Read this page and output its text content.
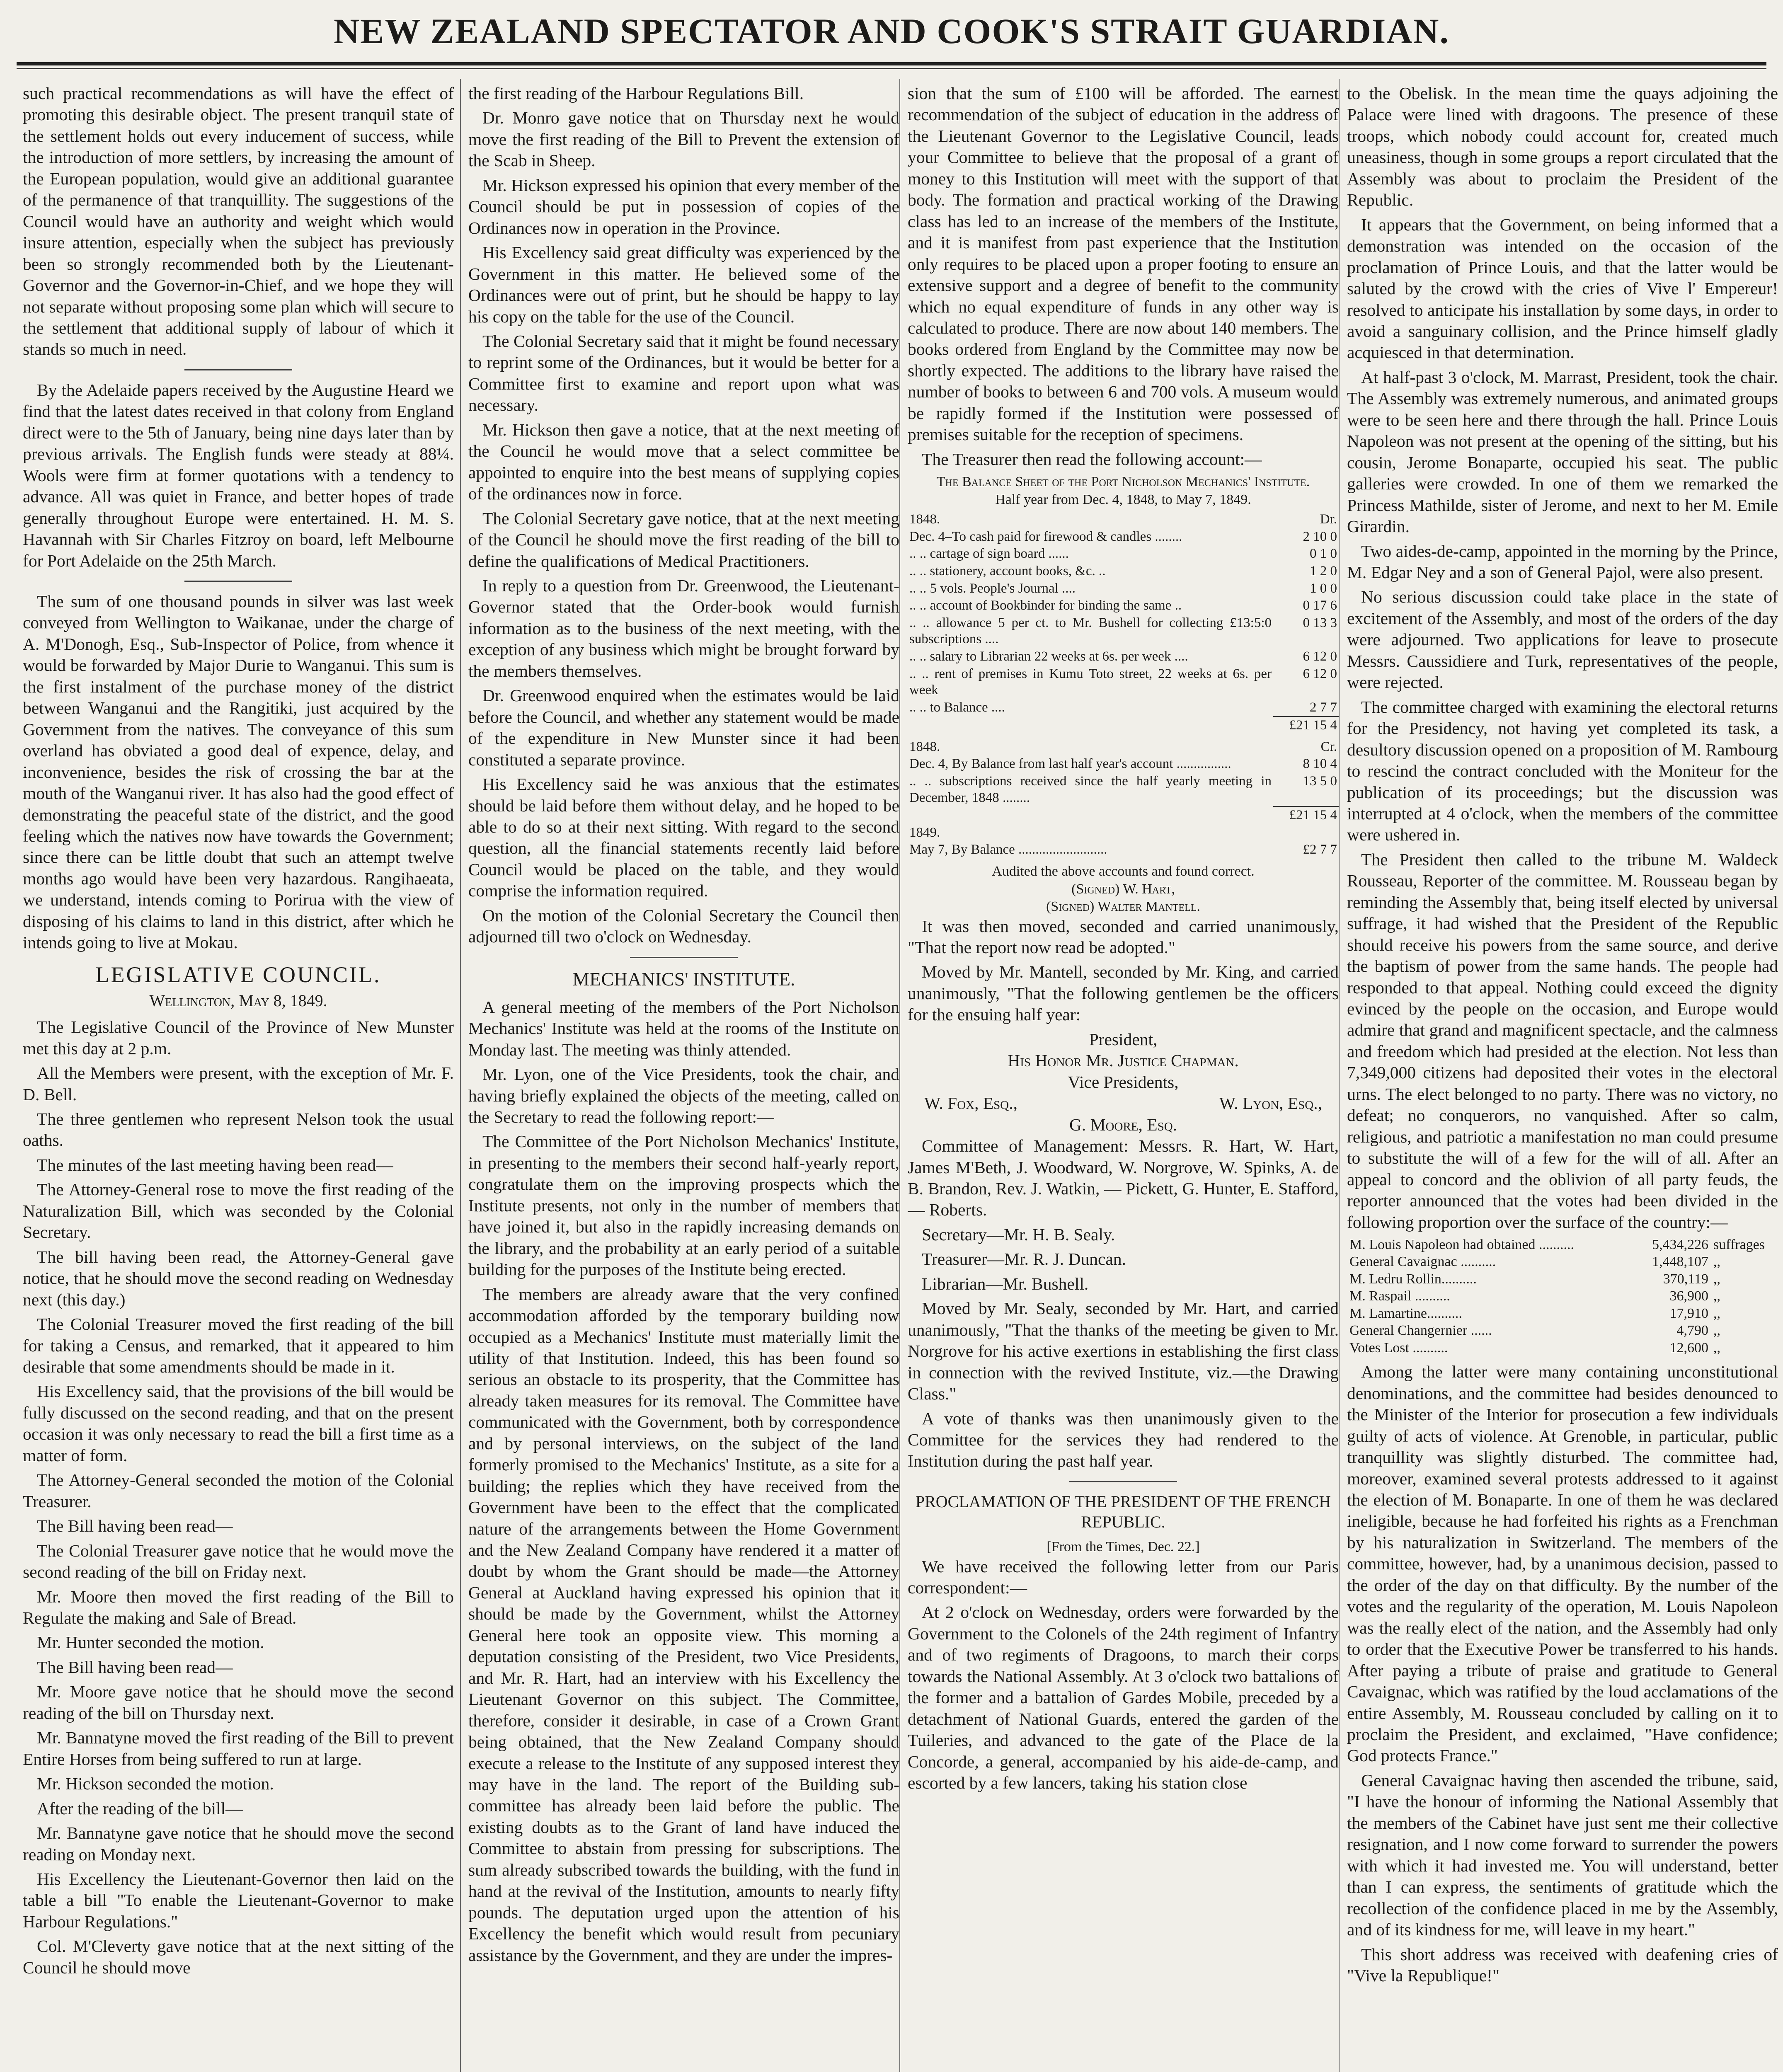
NEW ZEALAND SPECTATOR AND COOK'S STRAIT GUARDIAN.

such practical recommendations as will have the effect of promoting this desirable object. The present tranquil state of the settlement holds out every inducement of success, while the introduction of more settlers, by increasing the amount of the European population, would give an additional guarantee of the permanence of that tranquillity. The suggestions of the Council would have an authority and weight which would insure attention, especially when the subject has previously been so strongly recommended both by the Lieutenant-Governor and the Governor-in-Chief, and we hope they will not separate without proposing some plan which will secure to the settlement that additional supply of labour of which it stands so much in need.

By the Adelaide papers received by the Augustine Heard we find that the latest dates received in that colony from England direct were to the 5th of January, being nine days later than by previous arrivals. The English funds were steady at 88¼. Wools were firm at former quotations with a tendency to advance. All was quiet in France, and better hopes of trade generally throughout Europe were entertained. H. M. S. Havannah with Sir Charles Fitzroy on board, left Melbourne for Port Adelaide on the 25th March.

The sum of one thousand pounds in silver was last week conveyed from Wellington to Waikanae, under the charge of A. M'Donogh, Esq., Sub-Inspector of Police, from whence it would be forwarded by Major Durie to Wanganui. This sum is the first instalment of the purchase money of the district between Wanganui and the Rangitiki, just acquired by the Government from the natives. The conveyance of this sum overland has obviated a good deal of expence, delay, and inconvenience, besides the risk of crossing the bar at the mouth of the Wanganui river. It has also had the good effect of demonstrating the peaceful state of the district, and the good feeling which the natives now have towards the Government; since there can be little doubt that such an attempt twelve months ago would have been very hazardous. Rangihaeata, we understand, intends coming to Porirua with the view of disposing of his claims to land in this district, after which he intends going to live at Mokau.

LEGISLATIVE COUNCIL.
Wellington, May 8, 1849.

The Legislative Council of the Province of New Munster met this day at 2 p.m.

All the Members were present, with the exception of Mr. F. D. Bell.

The three gentlemen who represent Nelson took the usual oaths.

The minutes of the last meeting having been read—

The Attorney-General rose to move the first reading of the Naturalization Bill, which was seconded by the Colonial Secretary.

The bill having been read, the Attorney-General gave notice, that he should move the second reading on Wednesday next (this day.)

The Colonial Treasurer moved the first reading of the bill for taking a Census, and remarked, that it appeared to him desirable that some amendments should be made in it.

His Excellency said, that the provisions of the bill would be fully discussed on the second reading, and that on the present occasion it was only necessary to read the bill a first time as a matter of form.

The Attorney-General seconded the motion of the Colonial Treasurer.

The Bill having been read—

The Colonial Treasurer gave notice that he would move the second reading of the bill on Friday next.

Mr. Moore then moved the first reading of the Bill to Regulate the making and Sale of Bread.

Mr. Hunter seconded the motion.

The Bill having been read—

Mr. Moore gave notice that he should move the second reading of the bill on Thursday next.

Mr. Bannatyne moved the first reading of the Bill to prevent Entire Horses from being suffered to run at large.

Mr. Hickson seconded the motion.

After the reading of the bill—

Mr. Bannatyne gave notice that he should move the second reading on Monday next.

His Excellency the Lieutenant-Governor then laid on the table a bill "To enable the Lieutenant-Governor to make Harbour Regulations."

Col. M'Cleverty gave notice that at the next sitting of the Council he should move

the first reading of the Harbour Regulations Bill.

Dr. Monro gave notice that on Thursday next he would move the first reading of the Bill to Prevent the extension of the Scab in Sheep.

Mr. Hickson expressed his opinion that every member of the Council should be put in possession of copies of the Ordinances now in operation in the Province.

His Excellency said great difficulty was experienced by the Government in this matter. He believed some of the Ordinances were out of print, but he should be happy to lay his copy on the table for the use of the Council.

The Colonial Secretary said that it might be found necessary to reprint some of the Ordinances, but it would be better for a Committee first to examine and report upon what was necessary.

Mr. Hickson then gave a notice, that at the next meeting of the Council he would move that a select committee be appointed to enquire into the best means of supplying copies of the ordinances now in force.

The Colonial Secretary gave notice, that at the next meeting of the Council he should move the first reading of the bill to define the qualifications of Medical Practitioners.

In reply to a question from Dr. Greenwood, the Lieutenant-Governor stated that the Order-book would furnish information as to the business of the next meeting, with the exception of any business which might be brought forward by the members themselves.

Dr. Greenwood enquired when the estimates would be laid before the Council, and whether any statement would be made of the expenditure in New Munster since it had been constituted a separate province.

His Excellency said he was anxious that the estimates should be laid before them without delay, and he hoped to be able to do so at their next sitting. With regard to the second question, all the financial statements recently laid before Council would be placed on the table, and they would comprise the information required.

On the motion of the Colonial Secretary the Council then adjourned till two o'clock on Wednesday.

MECHANICS' INSTITUTE.

A general meeting of the members of the Port Nicholson Mechanics' Institute was held at the rooms of the Institute on Monday last. The meeting was thinly attended.

Mr. Lyon, one of the Vice Presidents, took the chair, and having briefly explained the objects of the meeting, called on the Secretary to read the following report:—

The Committee of the Port Nicholson Mechanics' Institute, in presenting to the members their second half-yearly report, congratulate them on the improving prospects which the Institute presents, not only in the number of members that have joined it, but also in the rapidly increasing demands on the library, and the probability at an early period of a suitable building for the purposes of the Institute being erected.

The members are already aware that the very confined accommodation afforded by the temporary building now occupied as a Mechanics' Institute must materially limit the utility of that Institution. Indeed, this has been found so serious an obstacle to its prosperity, that the Committee has already taken measures for its removal. The Committee have communicated with the Government, both by correspondence and by personal interviews, on the subject of the land formerly promised to the Mechanics' Institute, as a site for a building; the replies which they have received from the Government have been to the effect that the complicated nature of the arrangements between the Home Government and the New Zealand Company have rendered it a matter of doubt by whom the Grant should be made—the Attorney General at Auckland having expressed his opinion that it should be made by the Government, whilst the Attorney General here took an opposite view. This morning a deputation consisting of the President, two Vice Presidents, and Mr. R. Hart, had an interview with his Excellency the Lieutenant Governor on this subject. The Committee, therefore, consider it desirable, in case of a Crown Grant being obtained, that the New Zealand Company should execute a release to the Institute of any supposed interest they may have in the land. The report of the Building sub-committee has already been laid before the public. The existing doubts as to the Grant of land have induced the Committee to abstain from pressing for subscriptions. The sum already subscribed towards the building, with the fund in hand at the revival of the Institution, amounts to nearly fifty pounds. The deputation urged upon the attention of his Excellency the benefit which would result from pecuniary assistance by the Government, and they are under the impres-

sion that the sum of £100 will be afforded. The earnest recommendation of the subject of education in the address of the Lieutenant Governor to the Legislative Council, leads your Committee to believe that the proposal of a grant of money to this Institution will meet with the support of that body. The formation and practical working of the Drawing class has led to an increase of the members of the Institute, and it is manifest from past experience that the Institution only requires to be placed upon a proper footing to ensure an extensive support and a degree of benefit to the community which no equal expenditure of funds in any other way is calculated to produce. There are now about 140 members. The books ordered from England by the Committee may now be shortly expected. The additions to the library have raised the number of books to between 6 and 700 vols. A museum would be rapidly formed if the Institution were possessed of premises suitable for the reception of specimens.

The Treasurer then read the following account:—

The Balance Sheet of the Port Nicholson Mechanics' Institute.
Half year from Dec. 4, 1848, to May 7, 1849.
1848.	Dr.
Dec. 4–To cash paid for firewood & candles ........	2 10 0
.. .. cartage of sign board ......	0 1 0
.. .. stationery, account books, &c. ..	1 2 0
.. .. 5 vols. People's Journal ....	1 0 0
.. .. account of Bookbinder for binding the same ..	0 17 6
.. .. allowance 5 per ct. to Mr. Bushell for collecting £13:5:0 subscriptions ....	0 13 3
.. .. salary to Librarian 22 weeks at 6s. per week ....	6 12 0
.. .. rent of premises in Kumu Toto street, 22 weeks at 6s. per week	6 12 0
.. .. to Balance ....	2 7 7
	£21 15 4
1848.	Cr.
Dec. 4, By Balance from last half year's account ................	8 10 4
.. .. subscriptions received since the half yearly meeting in December, 1848 ........	13 5 0
	£21 15 4
1849.	
May 7, By Balance ..........................	£2 7 7
Audited the above accounts and found correct.
(Signed) W. Hart,
(Signed) Walter Mantell.

It was then moved, seconded and carried unanimously, "That the report now read be adopted."

Moved by Mr. Mantell, seconded by Mr. King, and carried unanimously, "That the following gentlemen be the officers for the ensuing half year:

President,
His Honor Mr. Justice Chapman.
Vice Presidents,
W. Fox, Esq.,	W. Lyon, Esq.,
G. Moore, Esq.

Committee of Management: Messrs. R. Hart, W. Hart, James M'Beth, J. Woodward, W. Norgrove, W. Spinks, A. de B. Brandon, Rev. J. Watkin, — Pickett, G. Hunter, E. Stafford, — Roberts.

Secretary—Mr. H. B. Sealy.

Treasurer—Mr. R. J. Duncan.

Librarian—Mr. Bushell.

Moved by Mr. Sealy, seconded by Mr. Hart, and carried unanimously, "That the thanks of the meeting be given to Mr. Norgrove for his active exertions in establishing the first class in connection with the revived Institute, viz.—the Drawing Class."

A vote of thanks was then unanimously given to the Committee for the services they had rendered to the Institution during the past half year.

PROCLAMATION OF THE PRESIDENT OF THE FRENCH REPUBLIC.
[From the Times, Dec. 22.]

We have received the following letter from our Paris correspondent:—

At 2 o'clock on Wednesday, orders were forwarded by the Government to the Colonels of the 24th regiment of Infantry and of two regiments of Dragoons, to march their corps towards the National Assembly. At 3 o'clock two battalions of the former and a battalion of Gardes Mobile, preceded by a detachment of National Guards, entered the garden of the Tuileries, and advanced to the gate of the Place de la Concorde, a general, accompanied by his aide-de-camp, and escorted by a few lancers, taking his station close

to the Obelisk. In the mean time the quays adjoining the Palace were lined with dragoons. The presence of these troops, which nobody could account for, created much uneasiness, though in some groups a report circulated that the Assembly was about to proclaim the President of the Republic.

It appears that the Government, on being informed that a demonstration was intended on the occasion of the proclamation of Prince Louis, and that the latter would be saluted by the crowd with the cries of Vive l' Empereur! resolved to anticipate his installation by some days, in order to avoid a sanguinary collision, and the Prince himself gladly acquiesced in that determination.

At half-past 3 o'clock, M. Marrast, President, took the chair. The Assembly was extremely numerous, and animated groups were to be seen here and there through the hall. Prince Louis Napoleon was not present at the opening of the sitting, but his cousin, Jerome Bonaparte, occupied his seat. The public galleries were crowded. In one of them we remarked the Princess Mathilde, sister of Jerome, and next to her M. Emile Girardin.

Two aides-de-camp, appointed in the morning by the Prince, M. Edgar Ney and a son of General Pajol, were also present.

No serious discussion could take place in the state of excitement of the Assembly, and most of the orders of the day were adjourned. Two applications for leave to prosecute Messrs. Caussidiere and Turk, representatives of the people, were rejected.

The committee charged with examining the electoral returns for the Presidency, not having yet completed its task, a desultory discussion opened on a proposition of M. Rambourg to rescind the contract concluded with the Moniteur for the publication of its proceedings; but the discussion was interrupted at 4 o'clock, when the members of the committee were ushered in.

The President then called to the tribune M. Waldeck Rousseau, Reporter of the committee. M. Rousseau began by reminding the Assembly that, being itself elected by universal suffrage, it had wished that the President of the Republic should receive his powers from the same source, and derive the baptism of power from the same hands. The people had responded to that appeal. Nothing could exceed the dignity evinced by the people on the occasion, and Europe would admire that grand and magnificent spectacle, and the calmness and freedom which had presided at the election. Not less than 7,349,000 citizens had deposited their votes in the electoral urns. The elect belonged to no party. There was no victory, no defeat; no conquerors, no vanquished. After so calm, religious, and patriotic a manifestation no man could presume to substitute the will of a few for the will of all. After an appeal to concord and the oblivion of all party feuds, the reporter announced that the votes had been divided in the following proportion over the surface of the country:—

M. Louis Napoleon had obtained ..........	5,434,226	suffrages
General Cavaignac ..........	1,448,107	,,
M. Ledru Rollin..........	370,119	,,
M. Raspail ..........	36,900	,,
M. Lamartine..........	17,910	,,
General Changernier ......	4,790	,,
Votes Lost ..........	12,600	,,

Among the latter were many containing unconstitutional denominations, and the committee had besides denounced to the Minister of the Interior for prosecution a few individuals guilty of acts of violence. At Grenoble, in particular, public tranquillity was slightly disturbed. The committee had, moreover, examined several protests addressed to it against the election of M. Bonaparte. In one of them he was declared ineligible, because he had forfeited his rights as a Frenchman by his naturalization in Switzerland. The members of the committee, however, had, by a unanimous decision, passed to the order of the day on that difficulty. By the number of the votes and the regularity of the operation, M. Louis Napoleon was the really elect of the nation, and the Assembly had only to order that the Executive Power be transferred to his hands. After paying a tribute of praise and gratitude to General Cavaignac, which was ratified by the loud acclamations of the entire Assembly, M. Rousseau concluded by calling on it to proclaim the President, and exclaimed, "Have confidence; God protects France."

General Cavaignac having then ascended the tribune, said, "I have the honour of informing the National Assembly that the members of the Cabinet have just sent me their collective resignation, and I now come forward to surrender the powers with which it had invested me. You will understand, better than I can express, the sentiments of gratitude which the recollection of the confidence placed in me by the Assembly, and of its kindness for me, will leave in my heart."

This short address was received with deafening cries of "Vive la Republique!"
